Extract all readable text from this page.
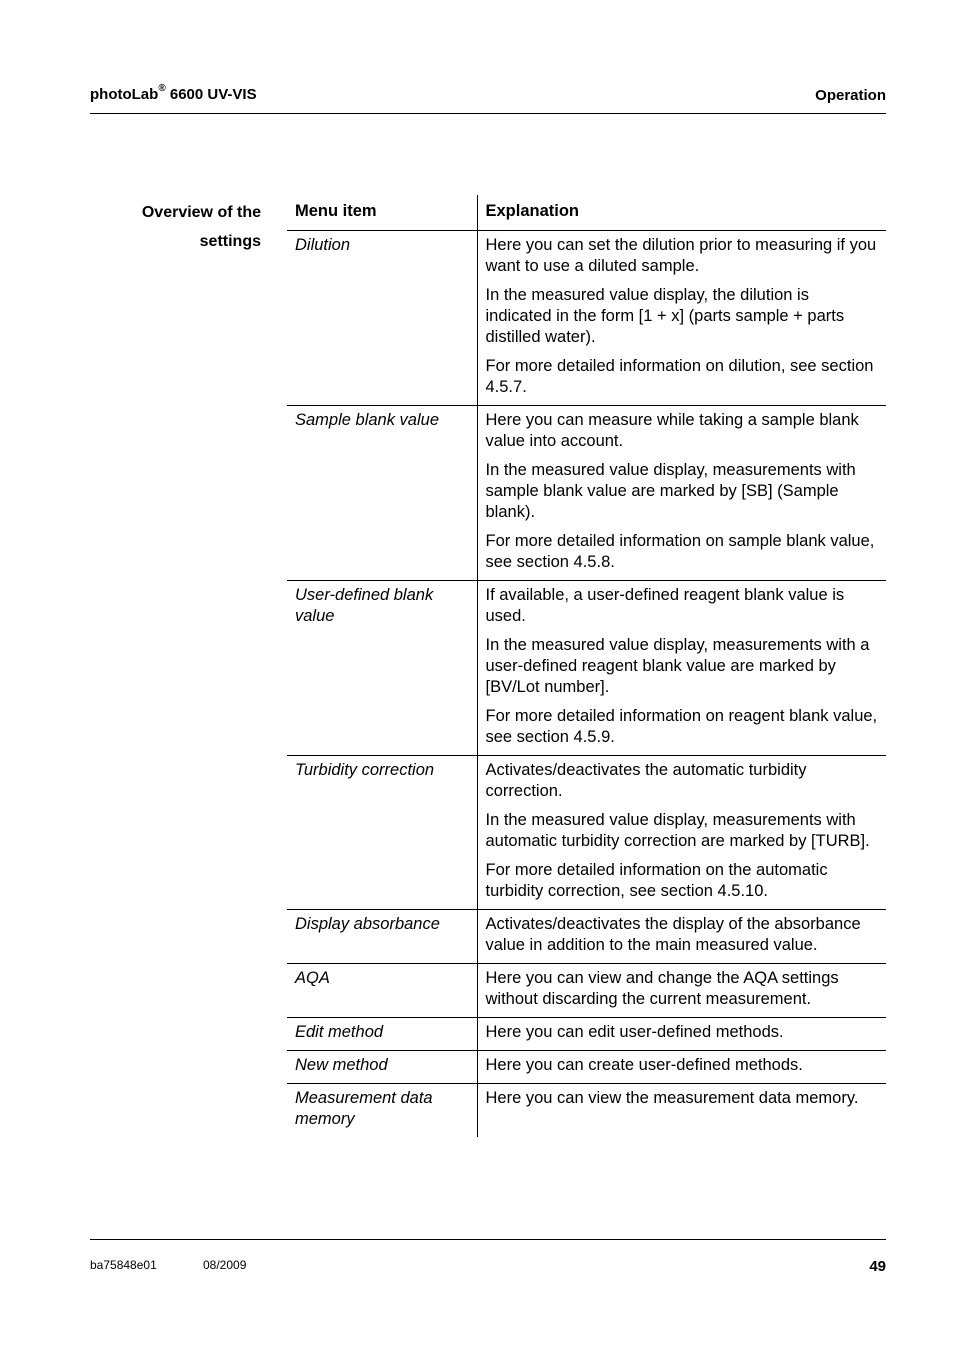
photoLab® 6600 UV-VIS	Operation
Overview of the
settings
Menu item	Explanation
Dilution	Here you can set the dilution prior to measuring if you want to use a diluted sample.
In the measured value display, the dilution is indicated in the form [1 + x] (parts sample + parts distilled water).
For more detailed information on dilution, see section 4.5.7.

Sample blank value	Here you can measure while taking a sample blank value into account.
In the measured value display, measurements with sample blank value are marked by [SB] (Sample blank).
For more detailed information on sample blank value, see section 4.5.8.

User-defined blank value	If available, a user-defined reagent blank value is used.
In the measured value display, measurements with a user-defined reagent blank value are marked by [BV/Lot number].
For more detailed information on reagent blank value, see section 4.5.9.

Turbidity correction	Activates/deactivates the automatic turbidity correction.
In the measured value display, measurements with automatic turbidity correction are marked by [TURB].
For more detailed information on the automatic turbidity correction, see section 4.5.10.

Display absorbance	Activates/deactivates the display of the absorbance value in addition to the main measured value.

AQA	Here you can view and change the AQA settings without discarding the current measurement.

Edit method	Here you can edit user-defined methods.

New method	Here you can create user-defined methods.

Measurement data memory	Here you can view the measurement data memory.
ba75848e01	08/2009	49
